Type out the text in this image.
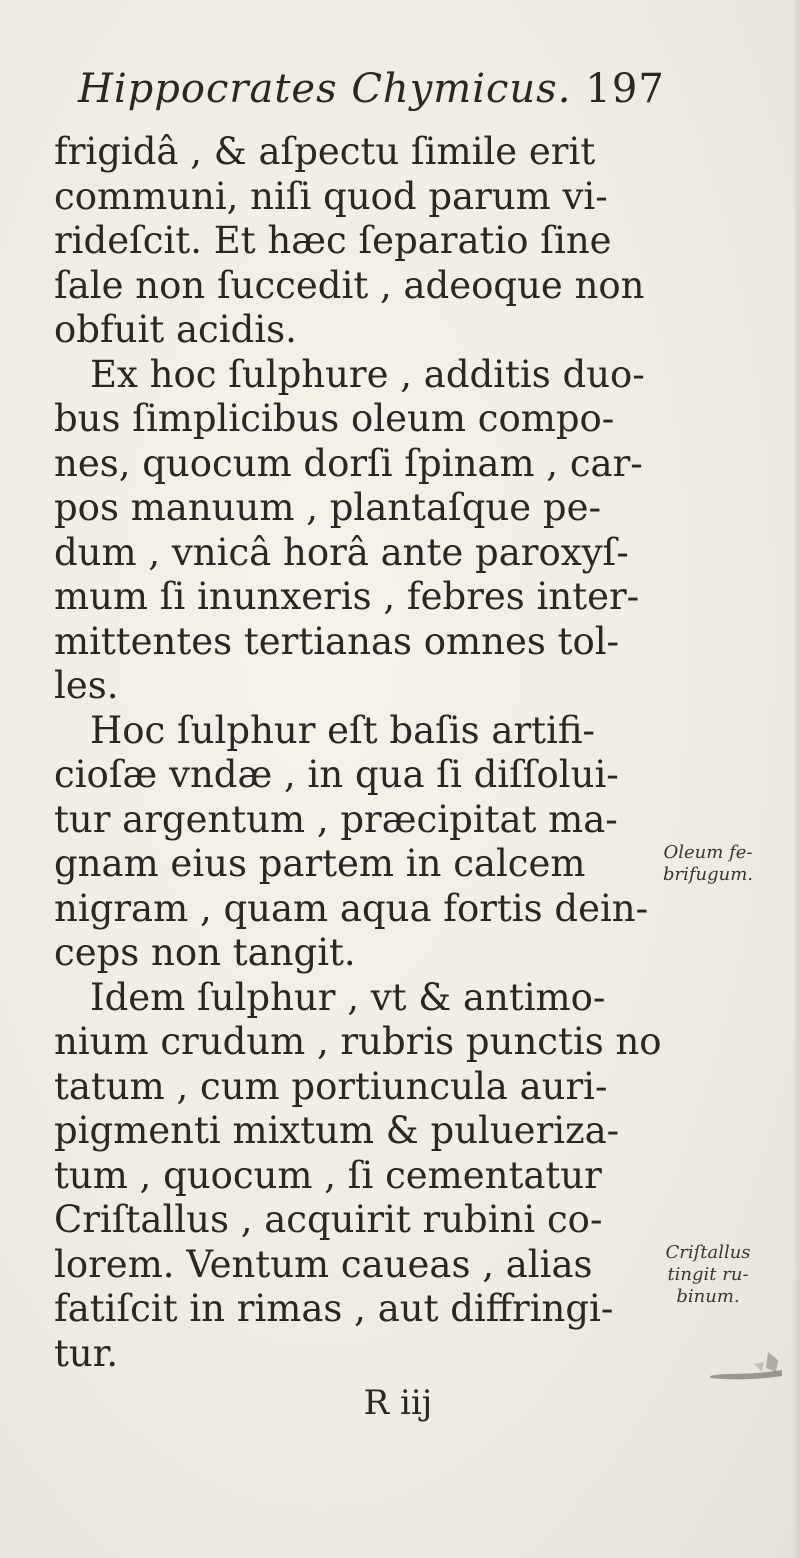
Hippocrates Chymicus. 197
frigidâ , & aſpectu ſimile erit
communi, niſi quod parum vi-
rideſcit. Et hæc ſeparatio ſine
ſale non ſuccedit , adeoque non
obfuit acidis.
Ex hoc ſulphure , additis duo-
bus ſimplicibus oleum compo-
nes, quocum dorſi ſpinam , car-
pos manuum , plantaſque pe-
dum , vnicâ horâ ante paroxyſ-
mum ſi inunxeris , febres inter-
mittentes tertianas omnes tol-
les.
Hoc ſulphur eſt baſis artifi-
cioſæ vndæ , in qua ſi diſſolui-
tur argentum , præcipitat ma-
gnam eius partem in calcem
nigram , quam aqua fortis dein-
ceps non tangit.
Idem ſulphur , vt & antimo-
nium crudum , rubris punctis no
tatum , cum portiuncula auri-
pigmenti mixtum & puluerizа-
tum , quocum , ſi cementatur
Criſtallus , acquirit rubini co-
lorem. Ventum caueas , alias
fatiſcit in rimas , aut diffringi-
tur.
Oleum fe-
brifugum.
Criſtallus
tingit ru-
binum.
R iij
